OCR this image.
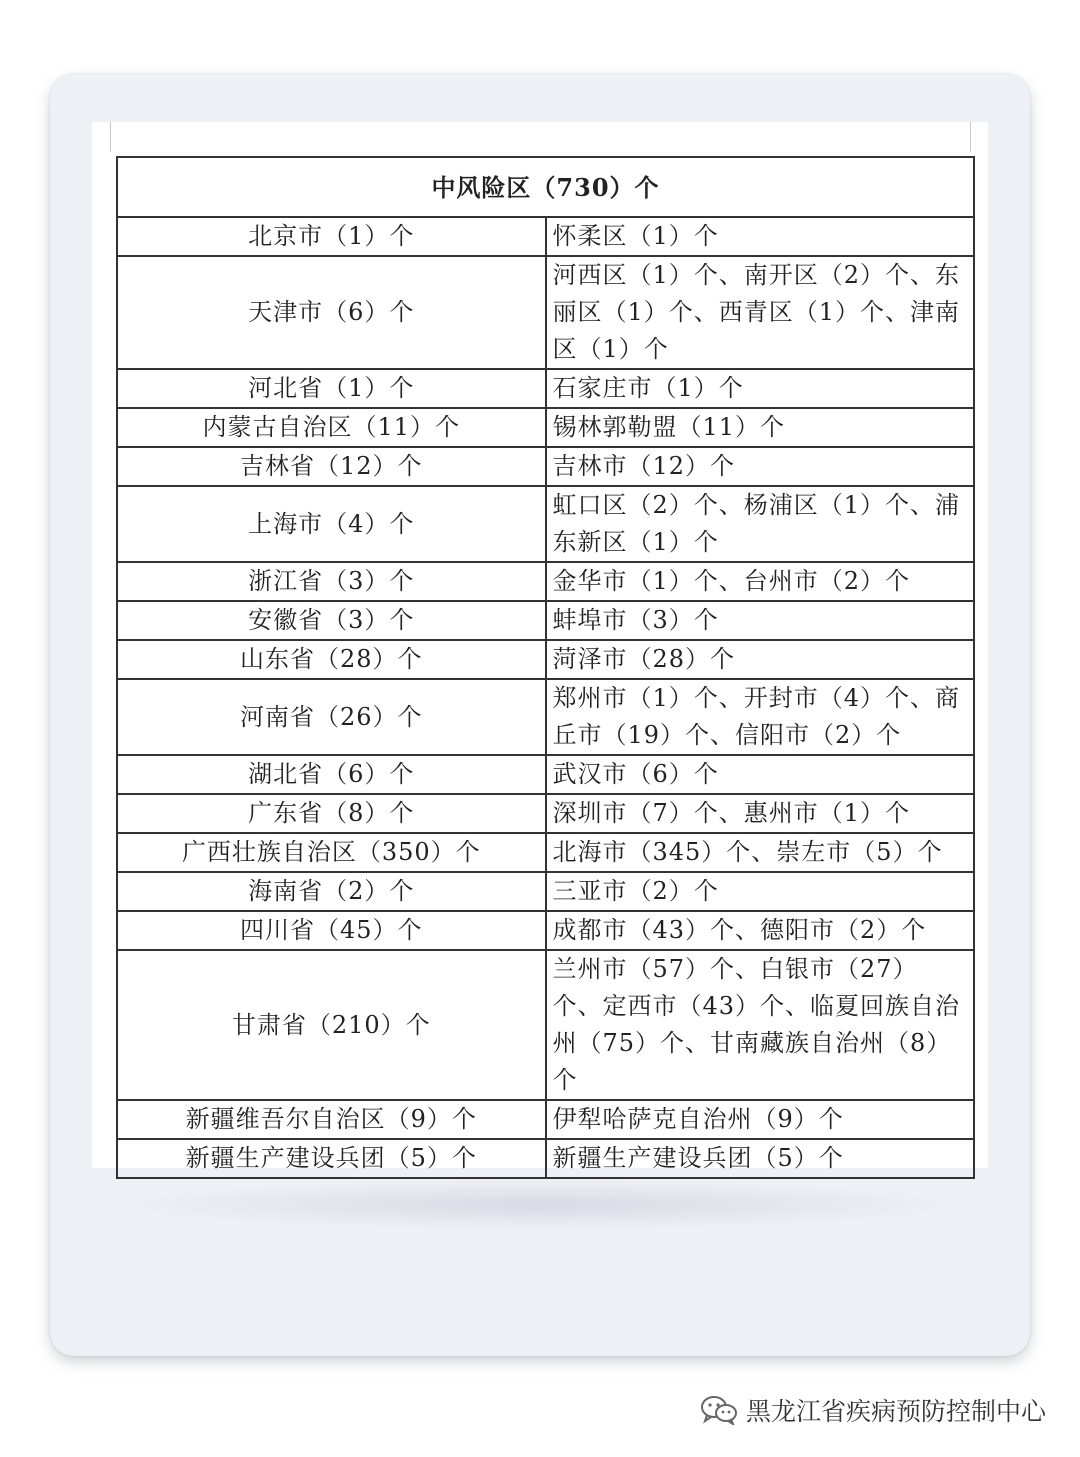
中风险区（730）个	
北京市（1）个	怀柔区（1）个
天津市（6）个	河西区（1）个、南开区（2）个、东丽区（1）个、西青区（1）个、津南区（1）个
河北省（1）个	石家庄市（1）个
内蒙古自治区（11）个	锡林郭勒盟（11）个
吉林省（12）个	吉林市（12）个
上海市（4）个	虹口区（2）个、杨浦区（1）个、浦东新区（1）个
浙江省（3）个	金华市（1）个、台州市（2）个
安徽省（3）个	蚌埠市（3）个
山东省（28）个	菏泽市（28）个
河南省（26）个	郑州市（1）个、开封市（4）个、商丘市（19）个、信阳市（2）个
湖北省（6）个	武汉市（6）个
广东省（8）个	深圳市（7）个、惠州市（1）个
广西壮族自治区（350）个	北海市（345）个、崇左市（5）个
海南省（2）个	三亚市（2）个
四川省（45）个	成都市（43）个、德阳市（2）个
甘肃省（210）个	兰州市（57）个、白银市（27）个、定西市（43）个、临夏回族自治州（75）个、甘南藏族自治州（8）个
新疆维吾尔自治区（9）个	伊犁哈萨克自治州（9）个
新疆生产建设兵团（5）个	新疆生产建设兵团（5）个
黑龙江省疾病预防控制中心
